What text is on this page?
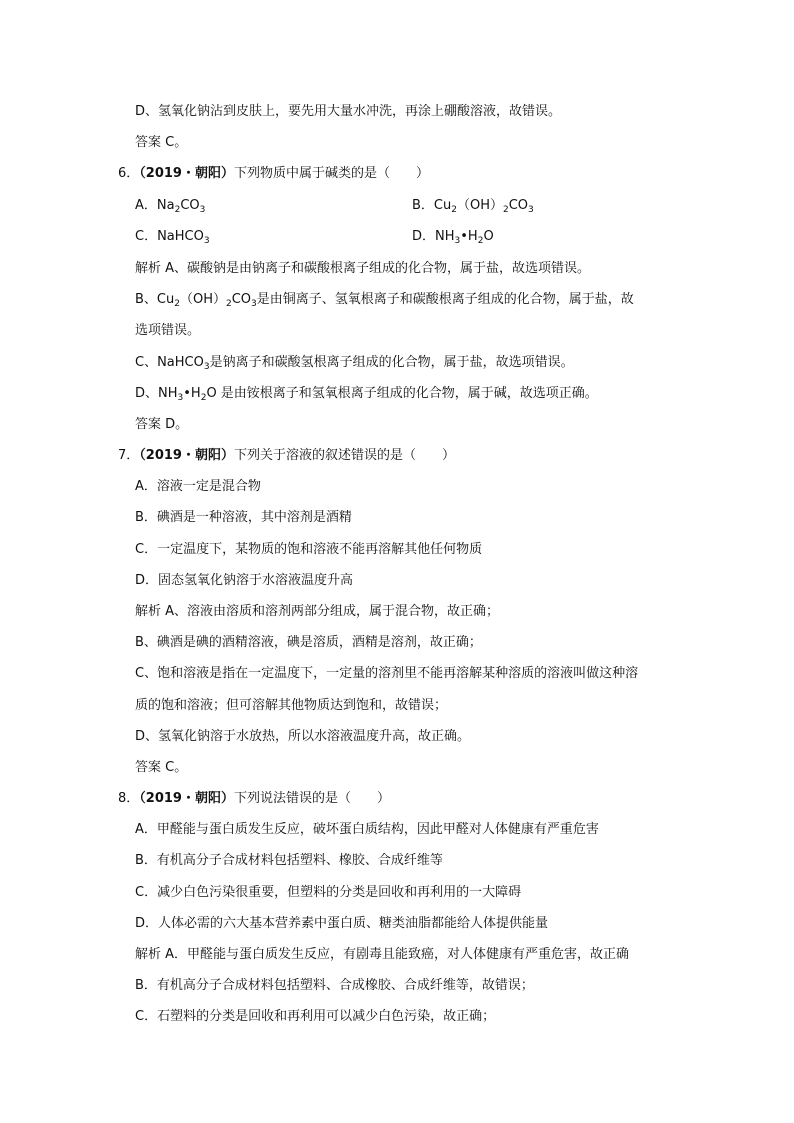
D、氢氧化钠沾到皮肤上，要先用大量水冲洗，再涂上硼酸溶液，故错误。
答案 C。
6．（2019・朝阳）下列物质中属于碱类的是（　　）
A．$Na_2CO_3$	B．$Cu_2(OH)_2CO_3$
C．NaHCO$_3$	D．$NH_3•H_2O$
解析 A、碳酸钠是由钠离子和碳酸根离子组成的化合物，属于盐，故选项错误。
B、$Cu_2(OH)_2CO_3$是由铜离子、氢氧根离子和碳酸根离子组成的化合物，属于盐，故
选项错误。
C、NaHCO$_3$是钠离子和碳酸氢根离子组成的化合物，属于盐，故选项错误。
D、$NH_3•H_2O$ 是由铵根离子和氢氧根离子组成的化合物，属于碱，故选项正确。
答案 D。
7．（2019・朝阳）下列关于溶液的叙述错误的是（　　）
A．溶液一定是混合物
B．碘酒是一种溶液，其中溶剂是酒精
C．一定温度下，某物质的饱和溶液不能再溶解其他任何物质
D．固态氢氧化钠溶于水溶液温度升高
解析 A、溶液由溶质和溶剂两部分组成，属于混合物，故正确；
B、碘酒是碘的酒精溶液，碘是溶质，酒精是溶剂，故正确；
C、饱和溶液是指在一定温度下，一定量的溶剂里不能再溶解某种溶质的溶液叫做这种溶
质的饱和溶液；但可溶解其他物质达到饱和，故错误；
D、氢氧化钠溶于水放热，所以水溶液温度升高，故正确。
答案 C。
8．（2019・朝阳）下列说法错误的是（　　）
A．甲醛能与蛋白质发生反应，破坏蛋白质结构，因此甲醛对人体健康有严重危害
B．有机高分子合成材料包括塑料、橡胶、合成纤维等
C．减少白色污染很重要，但塑料的分类是回收和再利用的一大障碍
D．人体必需的六大基本营养素中蛋白质、糖类油脂都能给人体提供能量
解析 A．甲醛能与蛋白质发生反应，有剧毒且能致癌，对人体健康有严重危害，故正确
B．有机高分子合成材料包括塑料、合成橡胶、合成纤维等，故错误；
C．石塑料的分类是回收和再利用可以减少白色污染，故正确；
